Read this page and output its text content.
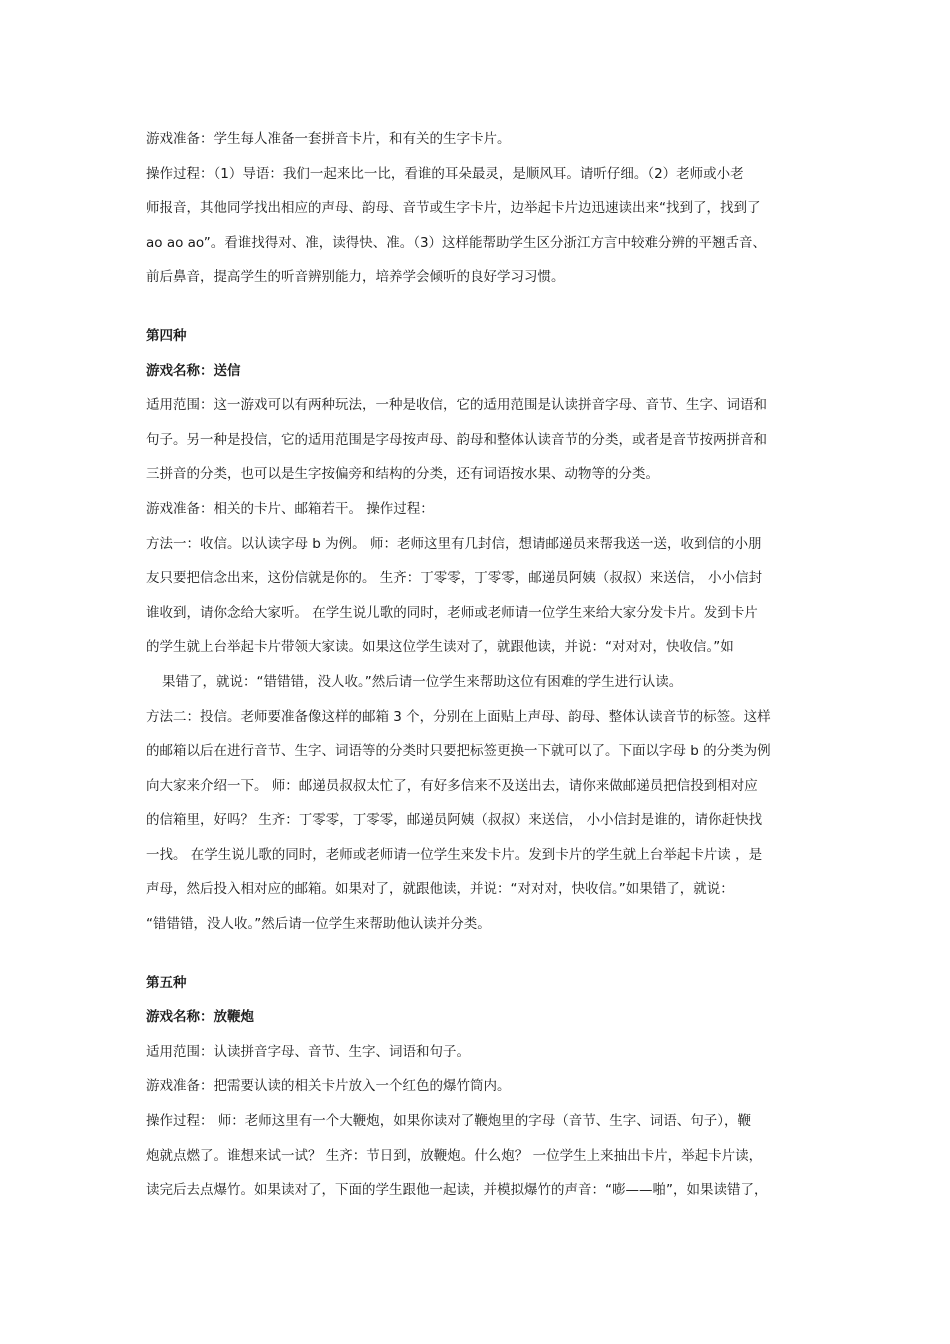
游戏准备：学生每人准备一套拼音卡片，和有关的生字卡片。
操作过程：（1）导语：我们一起来比一比，看谁的耳朵最灵，是顺风耳。请听仔细。（2）老师或小老
师报音，其他同学找出相应的声母、韵母、音节或生字卡片，边举起卡片边迅速读出来“找到了，找到了
ao ao ao”。看谁找得对、准，读得快、准。（3）这样能帮助学生区分浙江方言中较难分辨的平翘舌音、
前后鼻音，提高学生的听音辨别能力，培养学会倾听的良好学习习惯。
第四种
游戏名称：送信
适用范围：这一游戏可以有两种玩法，一种是收信，它的适用范围是认读拼音字母、音节、生字、词语和
句子。另一种是投信，它的适用范围是字母按声母、韵母和整体认读音节的分类，或者是音节按两拼音和
三拼音的分类，也可以是生字按偏旁和结构的分类，还有词语按水果、动物等的分类。
游戏准备：相关的卡片、邮箱若干。 操作过程：
方法一：收信。以认读字母 b 为例。 师：老师这里有几封信，想请邮递员来帮我送一送，收到信的小朋
友只要把信念出来，这份信就是你的。 生齐：丁零零，丁零零，邮递员阿姨（叔叔）来送信， 小小信封
谁收到，请你念给大家听。 在学生说儿歌的同时，老师或老师请一位学生来给大家分发卡片。发到卡片
的学生就上台举起卡片带领大家读。如果这位学生读对了，就跟他读，并说：“对对对，快收信。”如
果错了，就说：“错错错，没人收。”然后请一位学生来帮助这位有困难的学生进行认读。
方法二：投信。老师要准备像这样的邮箱 3 个，分别在上面贴上声母、韵母、整体认读音节的标签。这样
的邮箱以后在进行音节、生字、词语等的分类时只要把标签更换一下就可以了。下面以字母 b 的分类为例
向大家来介绍一下。 师：邮递员叔叔太忙了，有好多信来不及送出去，请你来做邮递员把信投到相对应
的信箱里，好吗？ 生齐：丁零零，丁零零，邮递员阿姨（叔叔）来送信， 小小信封是谁的，请你赶快找
一找。 在学生说儿歌的同时，老师或老师请一位学生来发卡片。发到卡片的学生就上台举起卡片读 ，是
声母，然后投入相对应的邮箱。如果对了，就跟他读，并说：“对对对，快收信。”如果错了，就说：
“错错错，没人收。”然后请一位学生来帮助他认读并分类。
第五种
游戏名称：放鞭炮
适用范围：认读拼音字母、音节、生字、词语和句子。
游戏准备：把需要认读的相关卡片放入一个红色的爆竹筒内。
操作过程： 师：老师这里有一个大鞭炮，如果你读对了鞭炮里的字母（音节、生字、词语、句子），鞭
炮就点燃了。谁想来试一试？ 生齐：节日到，放鞭炮。什么炮？ 一位学生上来抽出卡片，举起卡片读，
读完后去点爆竹。如果读对了，下面的学生跟他一起读，并模拟爆竹的声音：“嘭——啪”，如果读错了，
